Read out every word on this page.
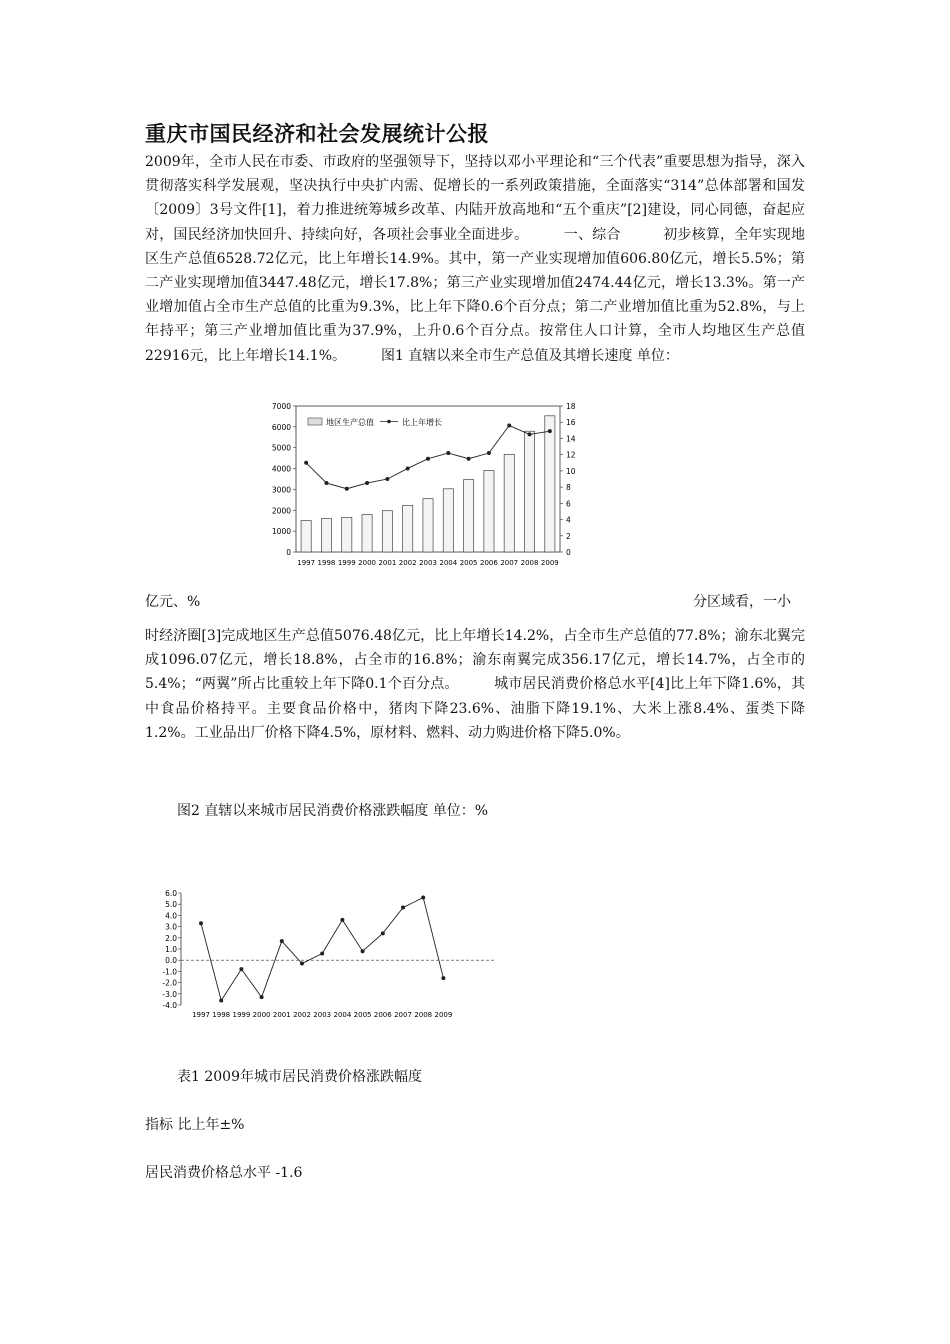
重庆市国民经济和社会发展统计公报
2009年，全市人民在市委、市政府的坚强领导下，坚持以邓小平理论和“三个代表”重要思想为指导，深入贯彻落实科学发展观，坚决执行中央扩内需、促增长的一系列政策措施，全面落实“314”总体部署和国发〔2009〕3号文件[1]，着力推进统筹城乡改革、内陆开放高地和“五个重庆”[2]建设，同心同德，奋起应对，国民经济加快回升、持续向好，各项社会事业全面进步。　　　一、综合　　　初步核算，全年实现地区生产总值6528.72亿元，比上年增长14.9%。其中，第一产业实现增加值606.80亿元，增长5.5%；第二产业实现增加值3447.48亿元，增长17.8%；第三产业实现增加值2474.44亿元，增长13.3%。第一产业增加值占全市生产总值的比重为9.3%，比上年下降0.6个百分点；第二产业增加值比重为52.8%，与上年持平；第三产业增加值比重为37.9%，上升0.6个百分点。按常住人口计算，全市人均地区生产总值22916元，比上年增长14.1%。　　　图1 直辖以来全市生产总值及其增长速度 单位：
地区生产总值	比上年增长
7000
6000
5000
4000
3000
2000
1000
0
18
16
14
12
10
8
6
4
2
0
1997 1998 1999 2000 2001 2002 2003 2004 2005 2006 2007 2008 2009
亿元、%	分区域看，一小
时经济圈[3]完成地区生产总值5076.48亿元，比上年增长14.2%，占全市生产总值的77.8%；渝东北翼完成1096.07亿元，增长18.8%，占全市的16.8%；渝东南翼完成356.17亿元，增长14.7%，占全市的5.4%；“两翼”所占比重较上年下降0.1个百分点。　　　城市居民消费价格总水平[4]比上年下降1.6%，其中食品价格持平。主要食品价格中，猪肉下降23.6%、油脂下降19.1%、大米上涨8.4%、蛋类下降1.2%。工业品出厂价格下降4.5%，原材料、燃料、动力购进价格下降5.0%。
图2 直辖以来城市居民消费价格涨跌幅度 单位：%
6.0
5.0
4.0
3.0
2.0
1.0
0.0
-1.0
-2.0
-3.0
-4.0
1997 1998 1999 2000 2001 2002 2003 2004 2005 2006 2007 2008 2009
表1 2009年城市居民消费价格涨跌幅度
指标 比上年±%
居民消费价格总水平 -1.6
